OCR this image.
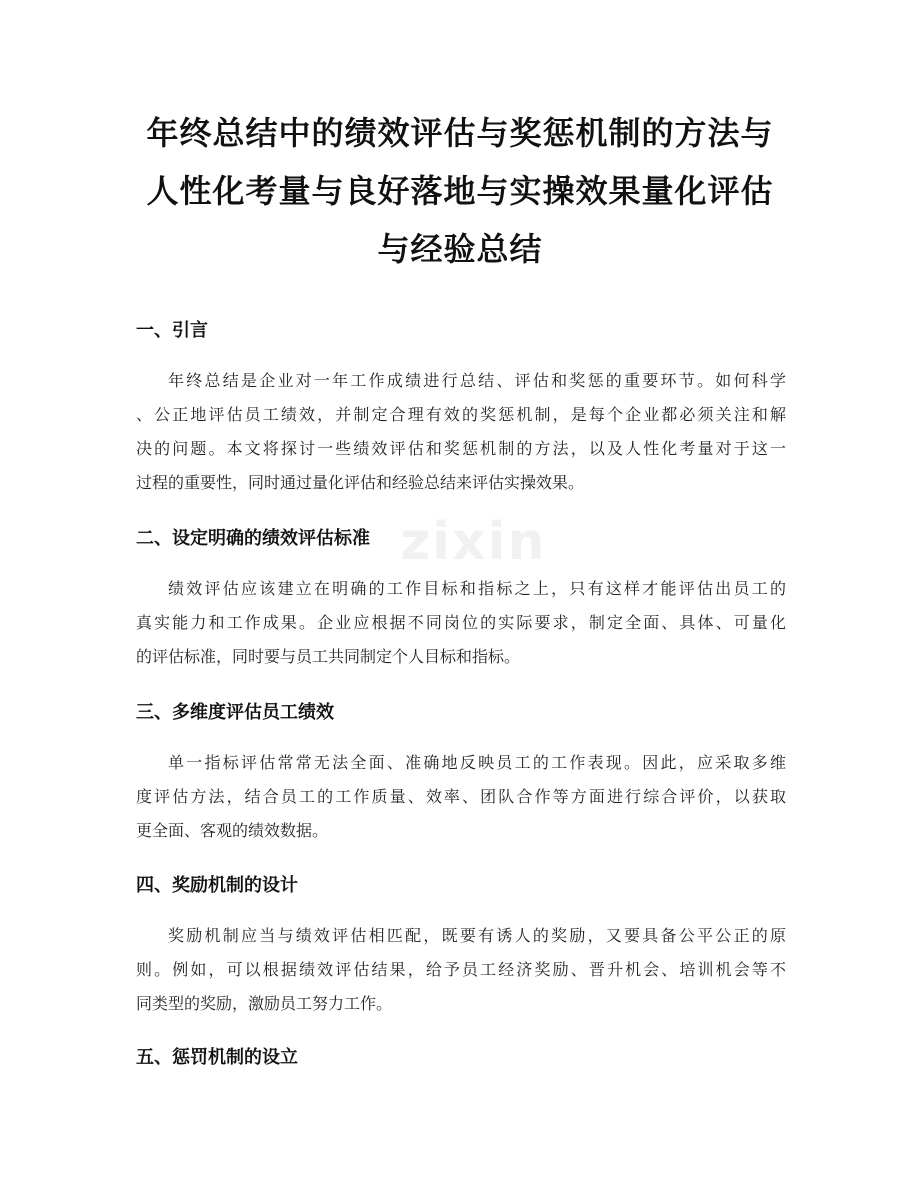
zixin
年终总结中的绩效评估与奖惩机制的方法与
人性化考量与良好落地与实操效果量化评估
与经验总结
一、引言
年终总结是企业对一年工作成绩进行总结、评估和奖惩的重要环节。如何科学
、公正地评估员工绩效，并制定合理有效的奖惩机制，是每个企业都必须关注和解
决的问题。本文将探讨一些绩效评估和奖惩机制的方法，以及人性化考量对于这一
过程的重要性，同时通过量化评估和经验总结来评估实操效果。
二、设定明确的绩效评估标准
绩效评估应该建立在明确的工作目标和指标之上，只有这样才能评估出员工的
真实能力和工作成果。企业应根据不同岗位的实际要求，制定全面、具体、可量化
的评估标准，同时要与员工共同制定个人目标和指标。
三、多维度评估员工绩效
单一指标评估常常无法全面、准确地反映员工的工作表现。因此，应采取多维
度评估方法，结合员工的工作质量、效率、团队合作等方面进行综合评价，以获取
更全面、客观的绩效数据。
四、奖励机制的设计
奖励机制应当与绩效评估相匹配，既要有诱人的奖励，又要具备公平公正的原
则。例如，可以根据绩效评估结果，给予员工经济奖励、晋升机会、培训机会等不
同类型的奖励，激励员工努力工作。
五、惩罚机制的设立
